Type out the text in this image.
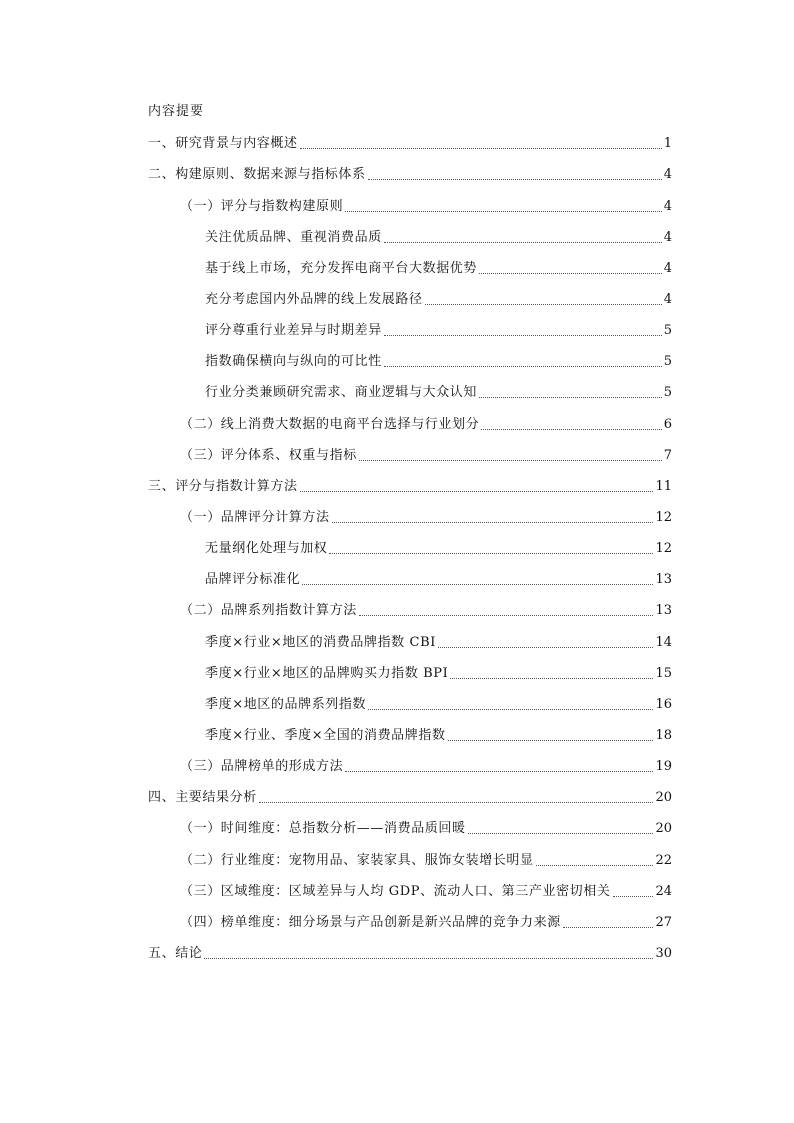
内容提要
一、研究背景与内容概述	1
二、构建原则、数据来源与指标体系	4
（一）评分与指数构建原则	4
关注优质品牌、重视消费品质	4
基于线上市场，充分发挥电商平台大数据优势	4
充分考虑国内外品牌的线上发展路径	4
评分尊重行业差异与时期差异	5
指数确保横向与纵向的可比性	5
行业分类兼顾研究需求、商业逻辑与大众认知	5
（二）线上消费大数据的电商平台选择与行业划分	6
（三）评分体系、权重与指标	7
三、评分与指数计算方法	11
（一）品牌评分计算方法	12
无量纲化处理与加权	12
品牌评分标准化	13
（二）品牌系列指数计算方法	13
季度×行业×地区的消费品牌指数 CBI	14
季度×行业×地区的品牌购买力指数 BPI	15
季度×地区的品牌系列指数	16
季度×行业、季度×全国的消费品牌指数	18
（三）品牌榜单的形成方法	19
四、主要结果分析	20
（一）时间维度：总指数分析——消费品质回暖	20
（二）行业维度：宠物用品、家装家具、服饰女装增长明显	22
（三）区域维度：区域差异与人均 GDP、流动人口、第三产业密切相关	24
（四）榜单维度：细分场景与产品创新是新兴品牌的竞争力来源	27
五、结论	30
